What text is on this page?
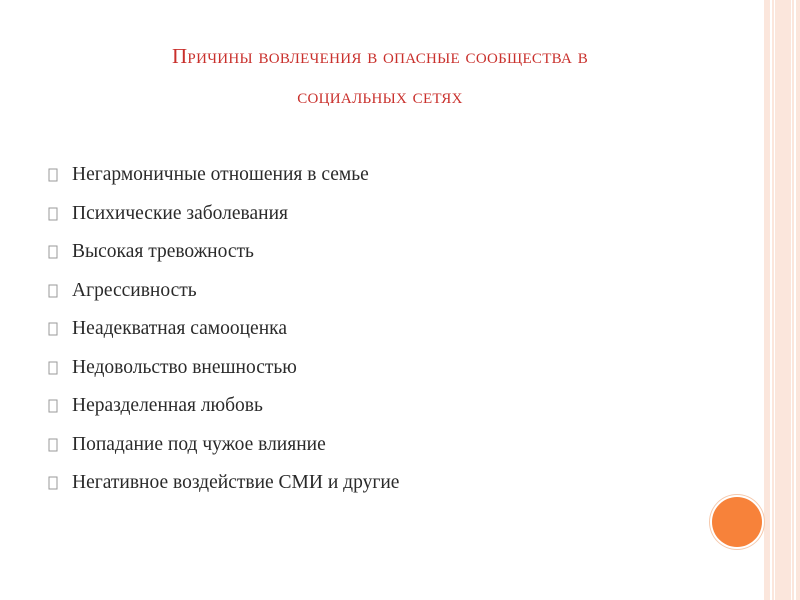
Причины вовлечения в опасные сообщества в
социальных сетях
Негармоничные отношения в семье
Психические заболевания
Высокая тревожность
Агрессивность
Неадекватная самооценка
Недовольство внешностью
Неразделенная любовь
Попадание под чужое влияние
Негативное воздействие СМИ и другие
